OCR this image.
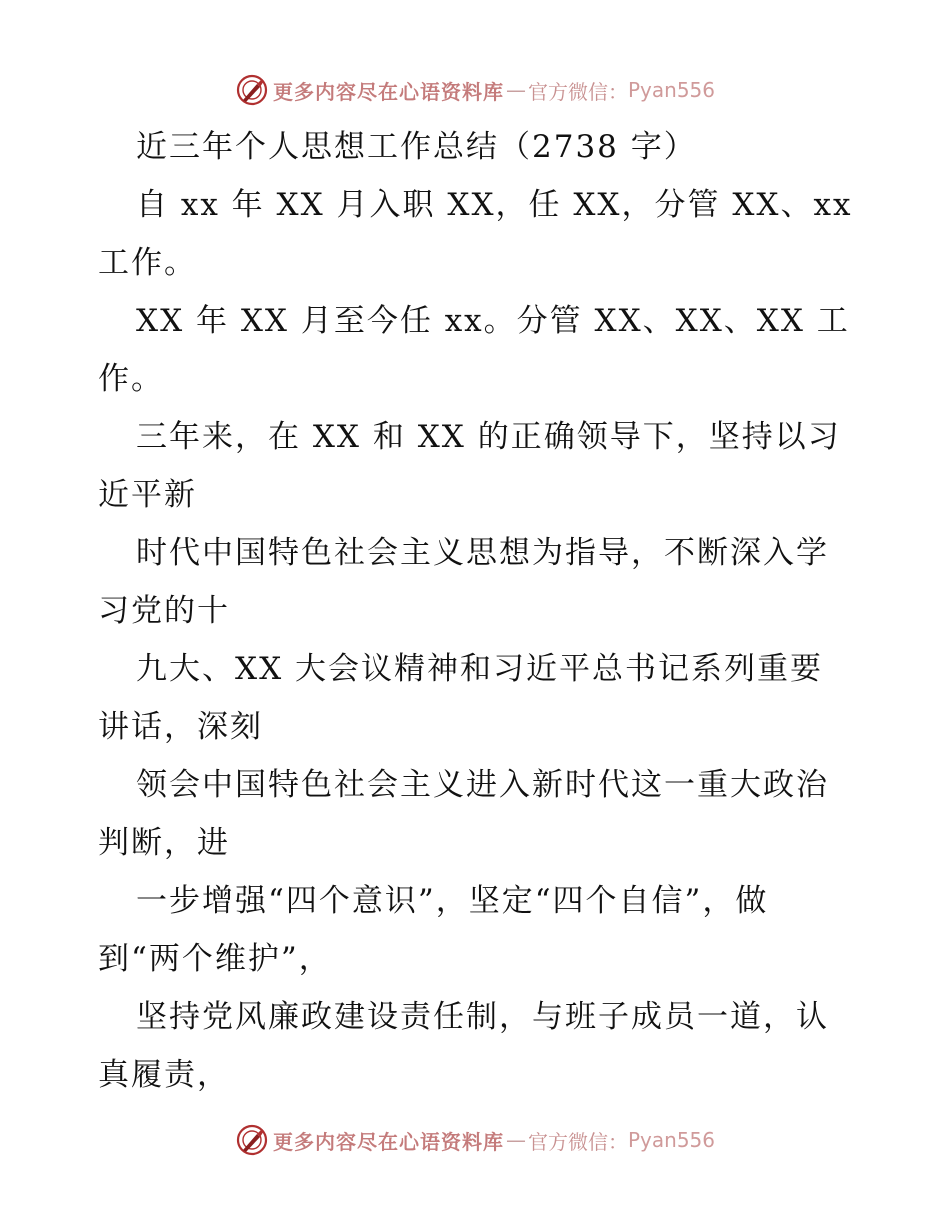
更多内容尽在心语资料库 — 官方微信： Pyan556
近三年个人思想工作总结（2738 字）
自 xx 年 XX 月入职 XX，任 XX，分管 XX、xx
工作。
XX 年 XX 月至今任 xx。分管 XX、XX、XX 工
作。
三年来，在 XX 和 XX 的正确领导下，坚持以习
近平新
时代中国特色社会主义思想为指导，不断深入学
习党的十
九大、XX 大会议精神和习近平总书记系列重要
讲话，深刻
领会中国特色社会主义进入新时代这一重大政治
判断，进
一步增强“四个意识”，坚定“四个自信”，做
到“两个维护”，
坚持党风廉政建设责任制，与班子成员一道，认
真履责，
更多内容尽在心语资料库 — 官方微信： Pyan556
